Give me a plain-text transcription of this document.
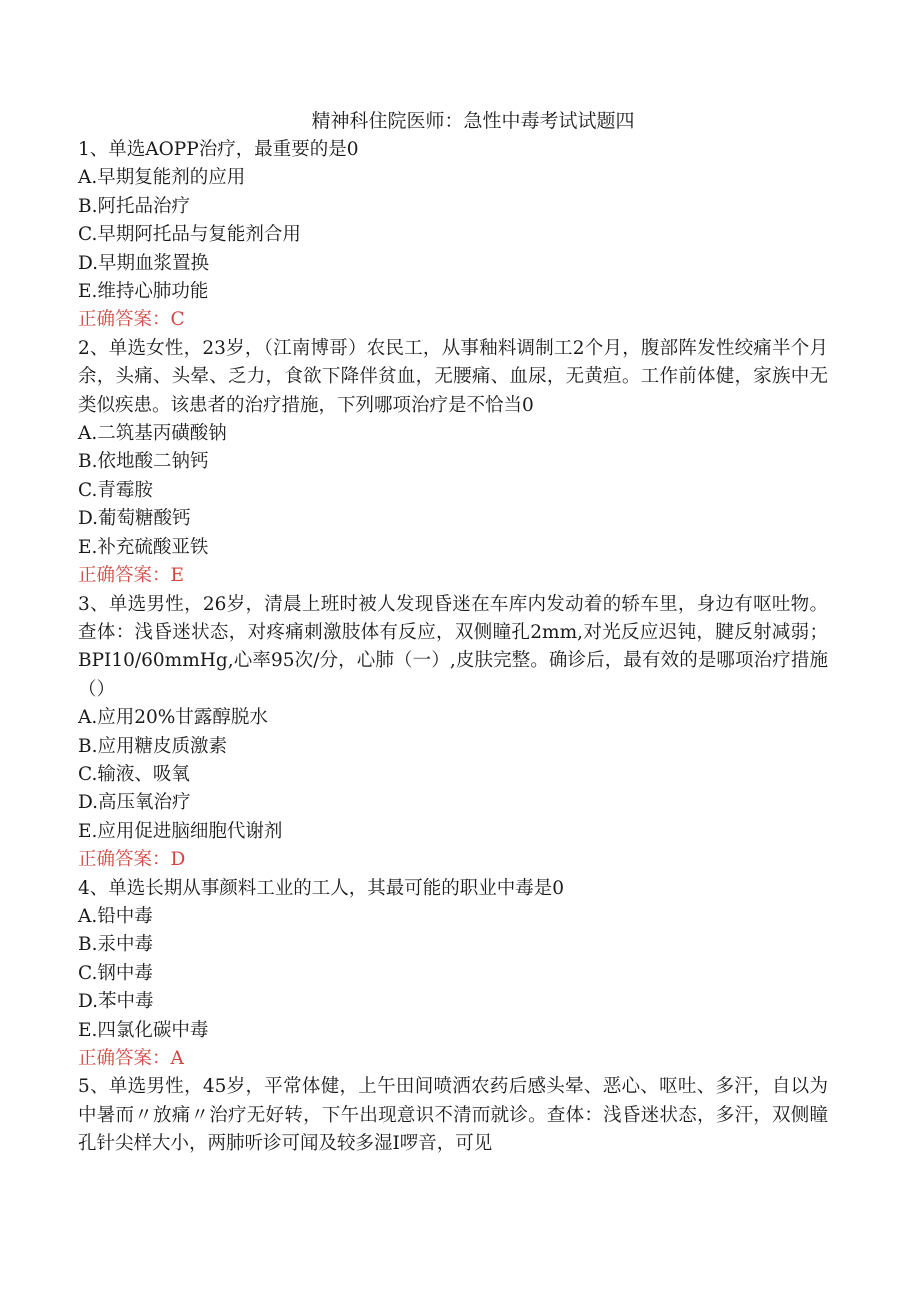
精神科住院医师：急性中毒考试试题四
1、单选AOPP治疗，最重要的是0
A.早期复能剂的应用
B.阿托品治疗
C.早期阿托品与复能剂合用
D.早期血浆置换
E.维持心肺功能
正确答案：C
2、单选女性，23岁，（江南博哥）农民工，从事釉料调制工2个月，腹部阵发性绞痛半个月余，头痛、头晕、乏力，食欲下降伴贫血，无腰痛、血尿，无黄疸。工作前体健，家族中无类似疾患。该患者的治疗措施，下列哪项治疗是不恰当0
A.二筑基丙磺酸钠
B.依地酸二钠钙
C.青霉胺
D.葡萄糖酸钙
E.补充硫酸亚铁
正确答案：E
3、单选男性，26岁，清晨上班时被人发现昏迷在车库内发动着的轿车里，身边有呕吐物。查体：浅昏迷状态，对疼痛刺激肢体有反应，双侧瞳孔2mm,对光反应迟钝，腱反射减弱；BPI10/60mmHg,心率95次/分，心肺（一）,皮肤完整。确诊后，最有效的是哪项治疗措施（）
A.应用20%甘露醇脱水
B.应用糖皮质激素
C.输液、吸氧
D.高压氧治疗
E.应用促进脑细胞代谢剂
正确答案：D
4、单选长期从事颜料工业的工人，其最可能的职业中毒是0
A.铅中毒
B.汞中毒
C.钢中毒
D.苯中毒
E.四氯化碳中毒
正确答案：A
5、单选男性，45岁，平常体健，上午田间喷洒农药后感头晕、恶心、呕吐、多汗，自以为中暑而〃放痛〃治疗无好转，下午出现意识不清而就诊。查体：浅昏迷状态，多汗，双侧瞳孔针尖样大小，两肺听诊可闻及较多湿I啰音，可见
